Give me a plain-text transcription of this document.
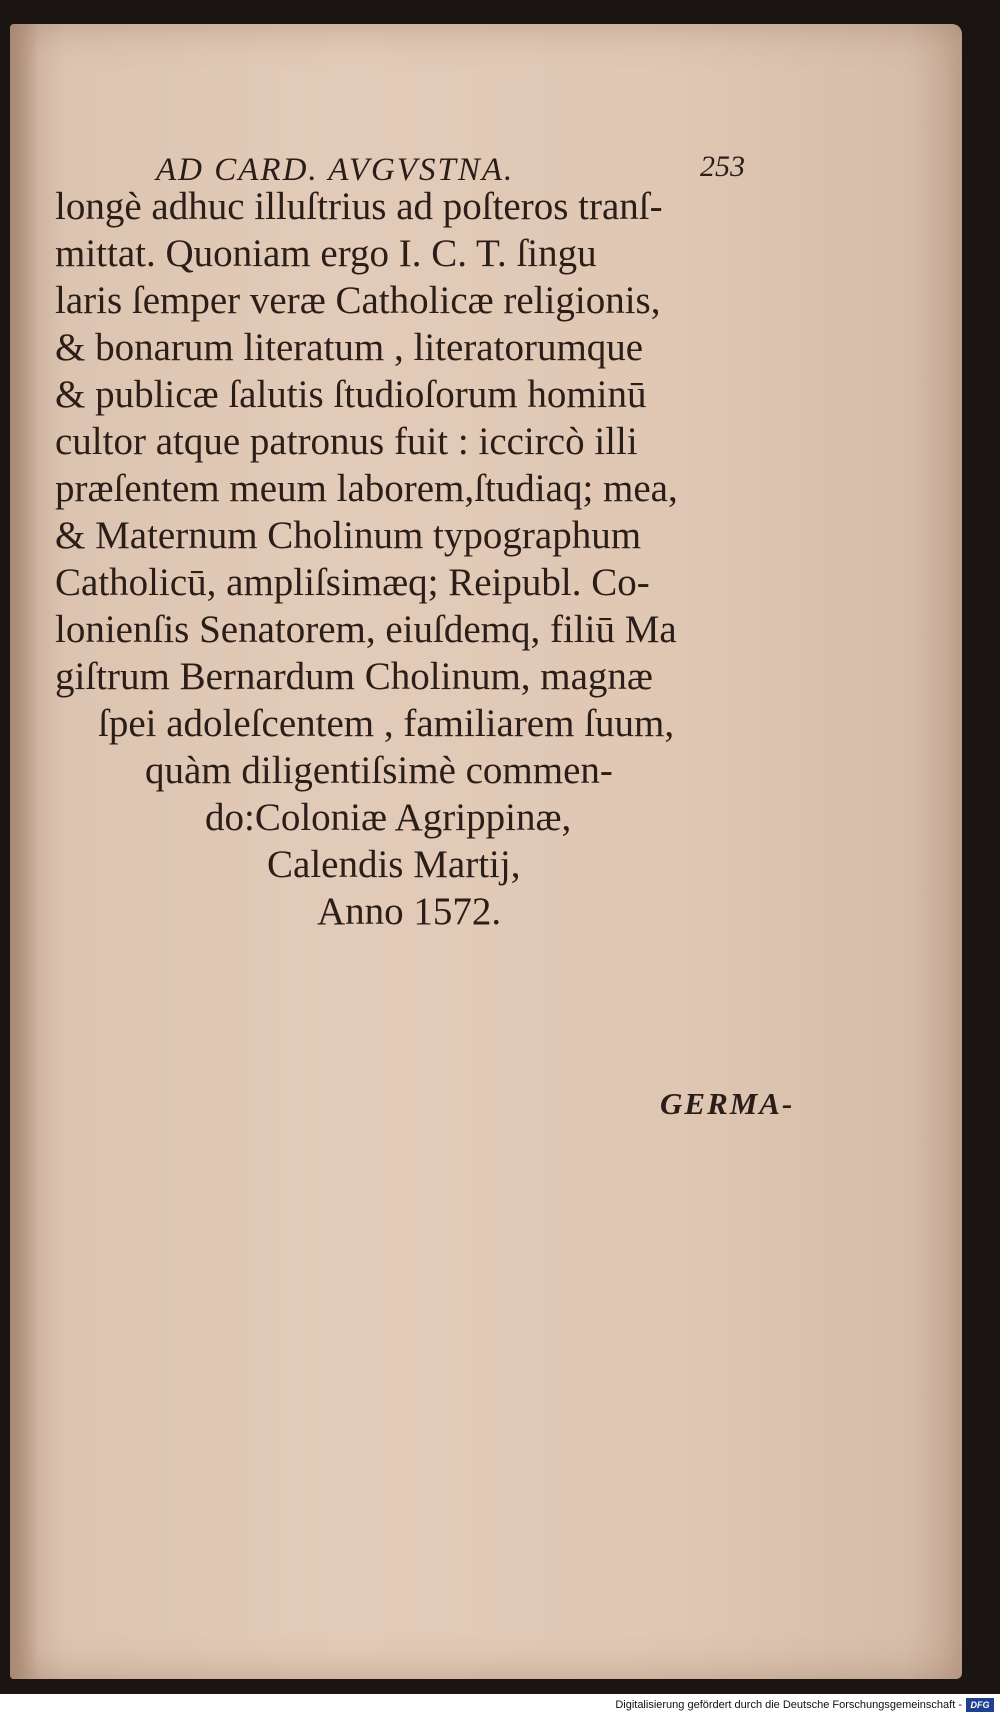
AD CARD. AVGVSTNA.	253
longè adhuc illuſtrius ad poſteros tranſ-
mittat. Quoniam ergo I. C. T. ſingu
laris ſemper veræ Catholicæ religionis,
& bonarum literatum , literatorumque
& publicæ ſalutis ſtudioſorum hominū
cultor atque patronus fuit : iccircò illi
præſentem meum laborem,ſtudiaq; mea,
& Maternum Cholinum typographum
Catholicū, ampliſsimæq; Reipubl. Co-
lonienſis Senatorem, eiuſdemq, filiū Ma
giſtrum Bernardum Cholinum, magnæ
ſpei adoleſcentem , familiarem ſuum,
quàm diligentiſsimè commen-
do:Coloniæ Agrippinæ,
Calendis Martij,
Anno 1572.
GERMA-
Digitalisierung gefördert durch die Deutsche Forschungsgemeinschaft - DFG
